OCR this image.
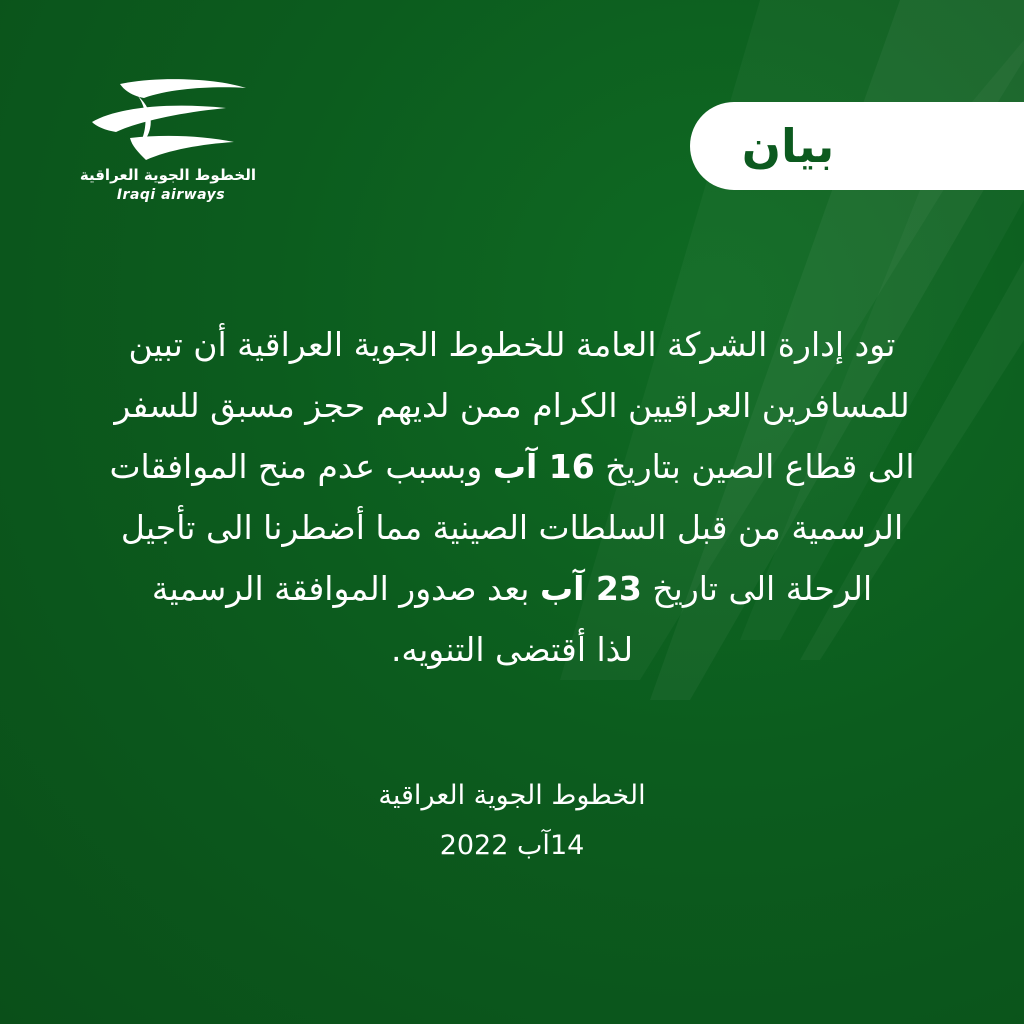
الخطوط الجوية العراقية
Iraqi airways
بيان
تود إدارة الشركة العامة للخطوط الجوية العراقية أن تبين
للمسافرين العراقيين الكرام ممن لديهم حجز مسبق للسفر
الى قطاع الصين بتاريخ 16 آب وبسبب عدم منح الموافقات
الرسمية من قبل السلطات الصينية مما أضطرنا الى تأجيل
الرحلة الى تاريخ 23 آب بعد صدور الموافقة الرسمية
لذا أقتضى التنويه.
الخطوط الجوية العراقية
14آب 2022
